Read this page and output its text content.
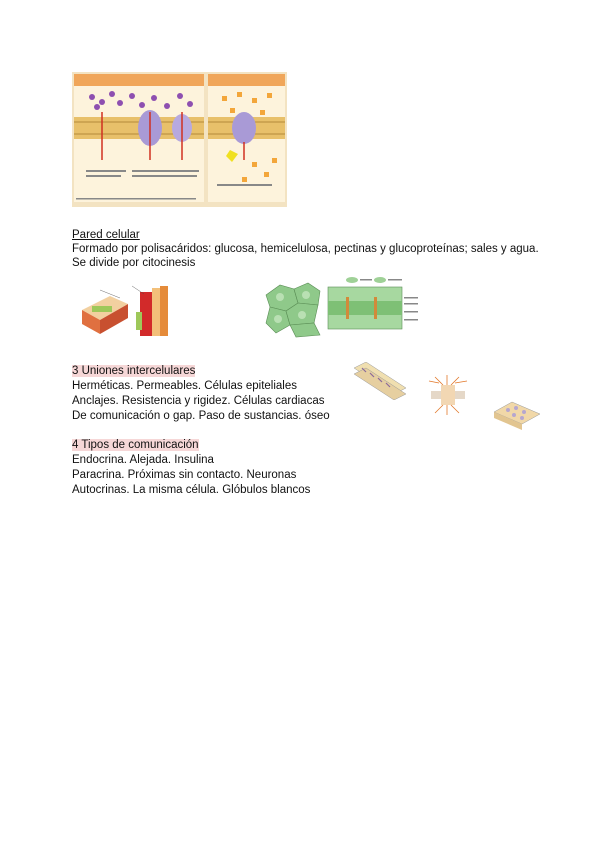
Pared celular
Formado por polisacáridos: glucosa, hemicelulosa, pectinas y glucoproteínas; sales y agua.
Se divide por citocinesis
3 Uniones intercelulares
Herméticas. Permeables. Células epiteliales
Anclajes. Resistencia y rigidez. Células cardiacas
De comunicación o gap. Paso de sustancias. óseo
4 Tipos de comunicación
Endocrina. Alejada. Insulina
Paracrina. Próximas sin contacto. Neuronas
Autocrinas. La misma célula. Glóbulos blancos
